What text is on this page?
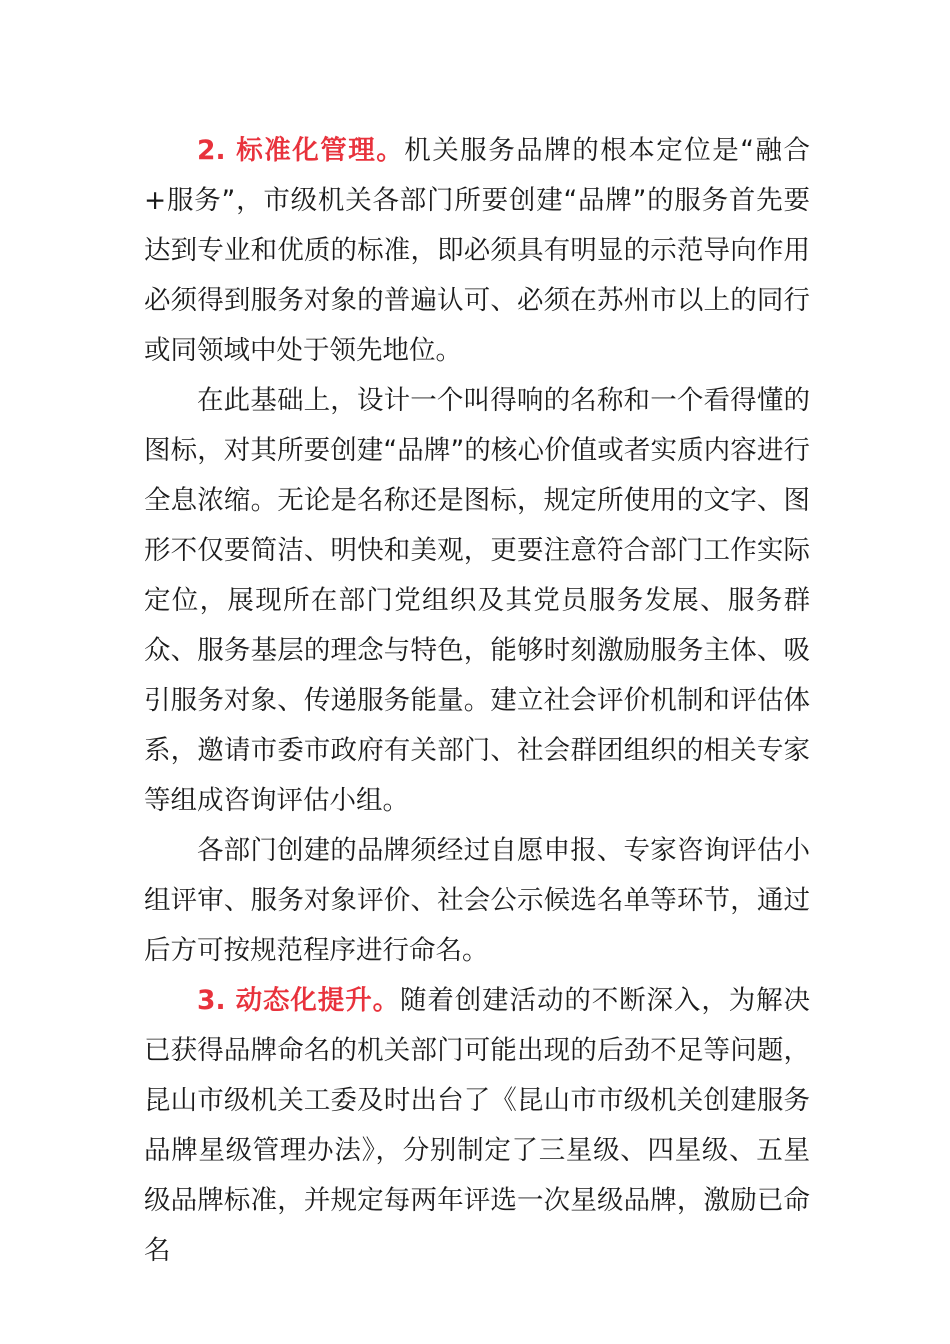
2. 标准化管理。机关服务品牌的根本定位是“融合+服务”，市级机关各部门所要创建“品牌”的服务首先要达到专业和优质的标准，即必须具有明显的示范导向作用必须得到服务对象的普遍认可、必须在苏州市以上的同行或同领域中处于领先地位。

在此基础上，设计一个叫得响的名称和一个看得懂的图标，对其所要创建“品牌”的核心价值或者实质内容进行全息浓缩。无论是名称还是图标，规定所使用的文字、图形不仅要简洁、明快和美观，更要注意符合部门工作实际定位，展现所在部门党组织及其党员服务发展、服务群众、服务基层的理念与特色，能够时刻激励服务主体、吸引服务对象、传递服务能量。建立社会评价机制和评估体系，邀请市委市政府有关部门、社会群团组织的相关专家等组成咨询评估小组。

各部门创建的品牌须经过自愿申报、专家咨询评估小组评审、服务对象评价、社会公示候选名单等环节，通过后方可按规范程序进行命名。

3. 动态化提升。随着创建活动的不断深入，为解决已获得品牌命名的机关部门可能出现的后劲不足等问题，昆山市级机关工委及时出台了《昆山市市级机关创建服务品牌星级管理办法》，分别制定了三星级、四星级、五星级品牌标准，并规定每两年评选一次星级品牌，激励已命名
